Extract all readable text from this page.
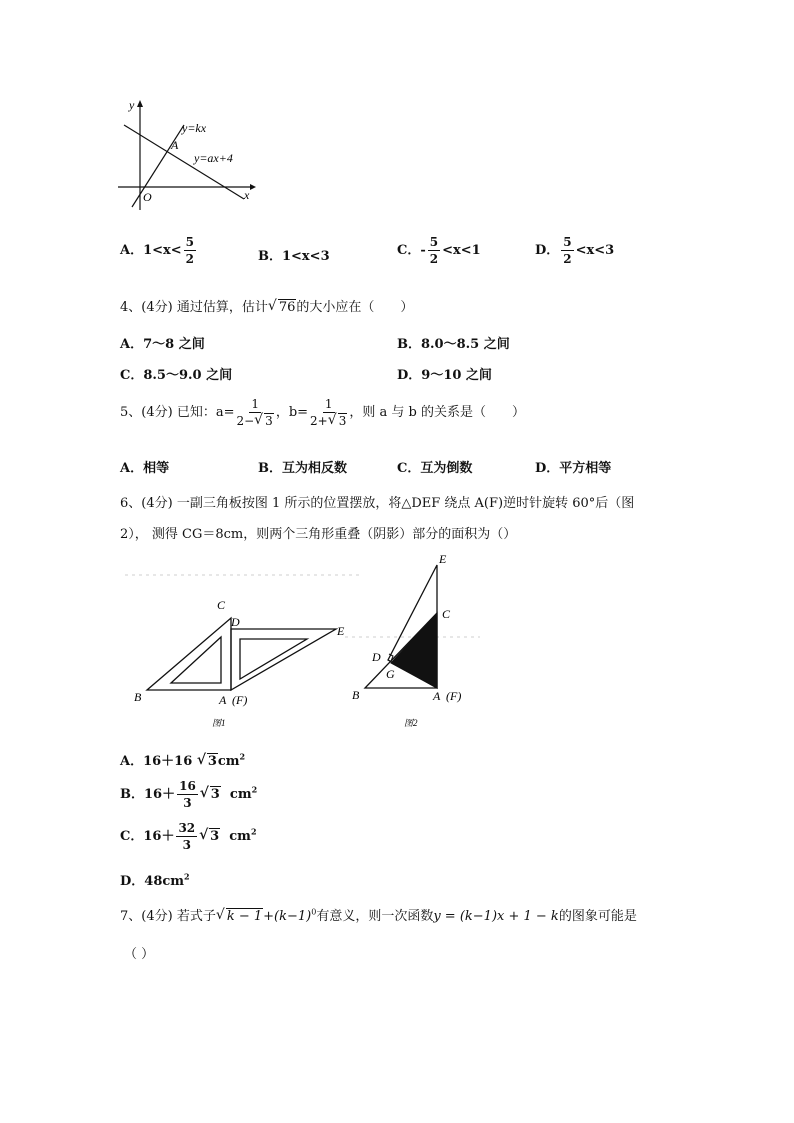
y
x
O
A
y=kx
y=ax+4
A．$1<x< \frac{5}{2}$	B．1<x<3	C．- $\frac{5}{2} <x<1$	D． $\frac{5}{2} <x<3$
4、(4分) 通过估算，估计 √ 76的大小应在（　　）
A．7～8 之间	B．8.0～8.5 之间
C．8.5～9.0 之间	D．9～10 之间
5、(4分) 已知：$a= \frac{1}{2- √ 3}$ ，$b= \frac{1}{2+ √ 3}$ ，则 a 与 b 的关系是（　　）
A．相等	B．互为相反数	C．互为倒数	D．平方相等
6、(4分) 一副三角板按图 1 所示的位置摆放，将△DEF 绕点 A(F)逆时针旋转 60°后（图
2）， 测得 CG＝8cm，则两个三角形重叠（阴影）部分的面积为（）
C
D
E
B	A (F)
图1
E
C
D
G
B	A (F)
图2
A．16＋16 √ $3cm^2$
B．$16+ \frac{16}{3}$ √ 3 $cm^2$
C．$16+ \frac{32}{3}$ √ 3 $cm^2$
D．$48cm^2$
7、(4分) 若式子 √ $k - 1+(k-1)^0$有意义，则一次函数y = (k−1)x + 1 − k的图象可能是
（ ）
